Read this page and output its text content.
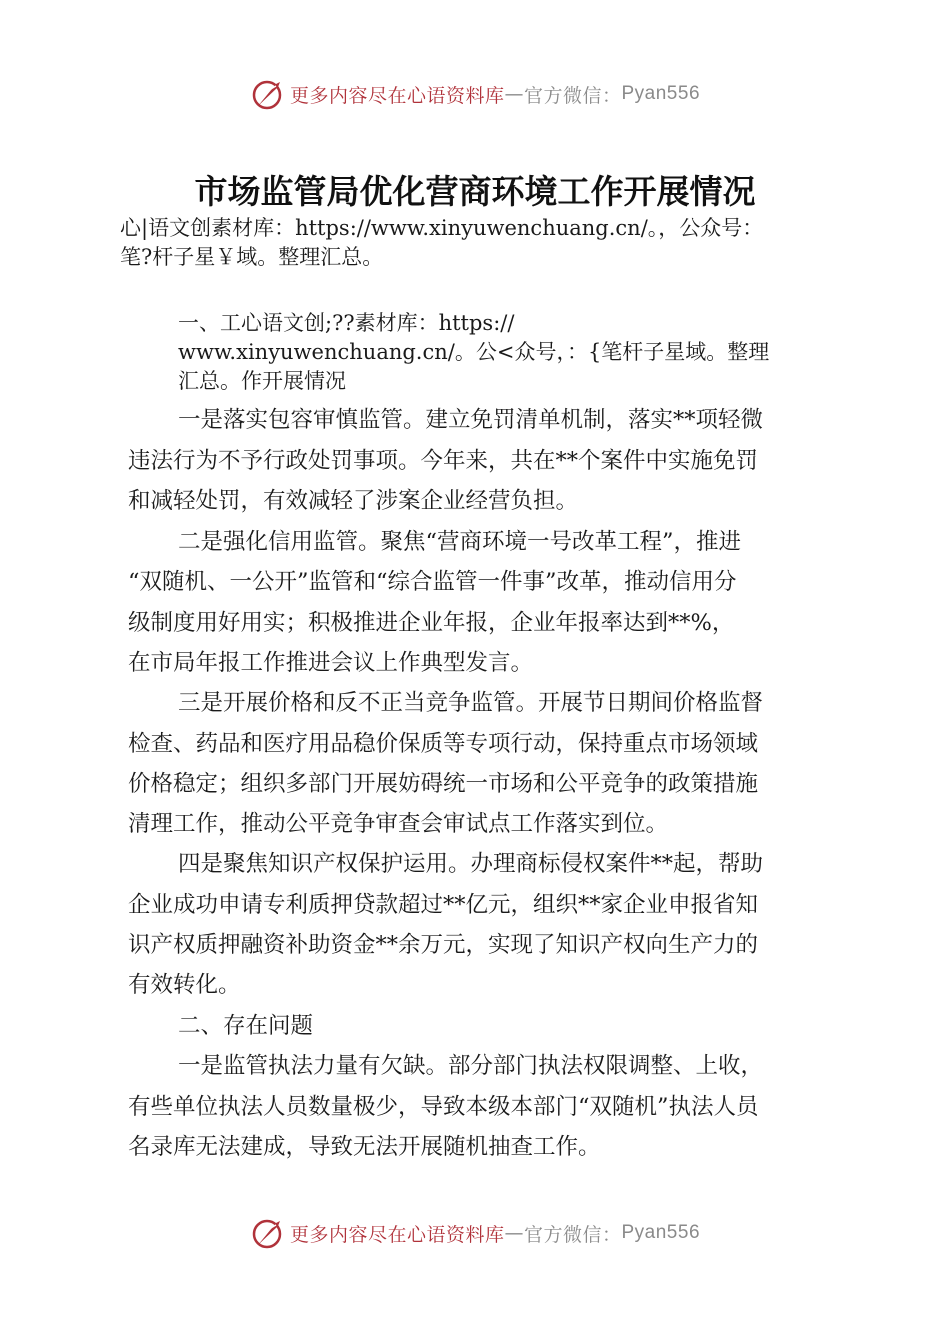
更多内容尽在心语资料库 — 官方微信： Pyan556
市场监管局优化营商环境工作开展情况
心|语文创素材库：https://www.xinyuwenchuang.cn/。，公众号：
笔?杆子星￥域。整理汇总。
一、工心语文创;??素材库：https://
www.xinyuwenchuang.cn/。公<众号，：{笔杆子星域。整理
汇总。作开展情况
一是落实包容审慎监管。建立免罚清单机制，落实**项轻微
违法行为不予行政处罚事项。今年来，共在**个案件中实施免罚
和减轻处罚，有效减轻了涉案企业经营负担。
二是强化信用监管。聚焦“营商环境一号改革工程”，推进
“双随机、一公开”监管和“综合监管一件事”改革，推动信用分
级制度用好用实；积极推进企业年报，企业年报率达到**%，
在市局年报工作推进会议上作典型发言。
三是开展价格和反不正当竞争监管。开展节日期间价格监督
检查、药品和医疗用品稳价保质等专项行动，保持重点市场领域
价格稳定；组织多部门开展妨碍统一市场和公平竞争的政策措施
清理工作，推动公平竞争审查会审试点工作落实到位。
四是聚焦知识产权保护运用。办理商标侵权案件**起，帮助
企业成功申请专利质押贷款超过**亿元，组织**家企业申报省知
识产权质押融资补助资金**余万元，实现了知识产权向生产力的
有效转化。
二、存在问题
一是监管执法力量有欠缺。部分部门执法权限调整、上收，
有些单位执法人员数量极少，导致本级本部门“双随机”执法人员
名录库无法建成，导致无法开展随机抽查工作。
更多内容尽在心语资料库 — 官方微信： Pyan556
